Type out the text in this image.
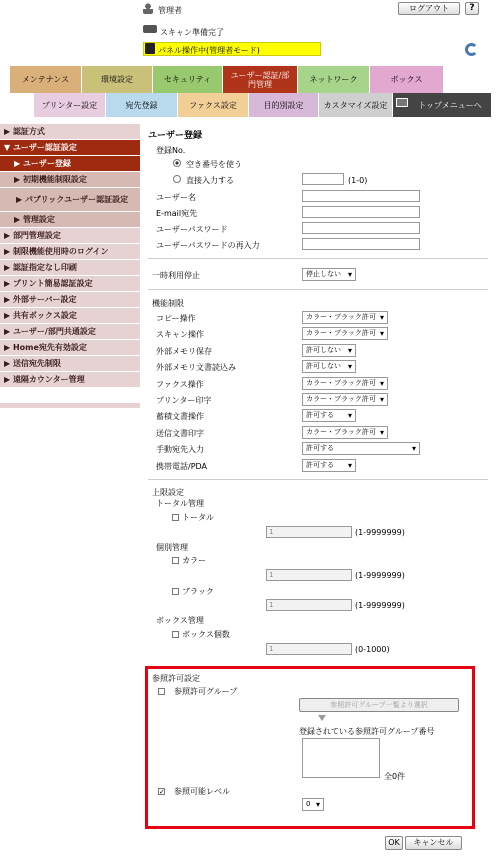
管理者	ログアウト	?
スキャン準備完了
パネル操作中(管理者モード)
メンテナンス	環境設定	セキュリティ	ユーザー認証/部門管理	ネットワーク	ボックス
プリンター設定	宛先登録	ファクス設定	目的別設定	カスタマイズ設定	トップメニューへ
▶ 認証方式
▼ ユーザー認証設定
▶ ユーザー登録
▶ 初期機能制限設定
▶ パブリックユーザー認証設定
▶ 管理設定
▶ 部門管理設定
▶ 制限機能使用時のログイン
▶ 認証指定なし印刷
▶ プリント簡易認証設定
▶ 外部サーバー設定
▶ 共有ボックス設定
▶ ユーザー/部門共通設定
▶ Home宛先有効設定
▶ 送信宛先制限
▶ 遠隔カウンター管理
ユーザー登録
登録No.
空き番号を使う
直接入力する	(1-0)
ユーザー名
E-mail宛先
ユーザーパスワード
ユーザーパスワードの再入力
一時利用停止	停止しない ▾
機能制限
コピー操作	カラー・ブラック許可 ▾
スキャン操作	カラー・ブラック許可 ▾
外部メモリ保存	許可しない ▾
外部メモリ文書読込み	許可しない ▾
ファクス操作	カラー・ブラック許可 ▾
プリンター印字	カラー・ブラック許可 ▾
蓄積文書操作	許可する ▾
送信文書印字	カラー・ブラック許可 ▾
手動宛先入力	許可する ▾
携帯電話/PDA	許可する ▾
上限設定
トータル管理
トータル
1	(1-9999999)
個別管理
カラー
1	(1-9999999)
ブラック
1	(1-9999999)
ボックス管理
ボックス個数
1	(0-1000)
参照許可設定
参照許可グループ
参照許可グループ一覧より選択
登録されている参照許可グループ番号
全0件
✓ 参照可能レベル
0 ▾
OK	キャンセル
